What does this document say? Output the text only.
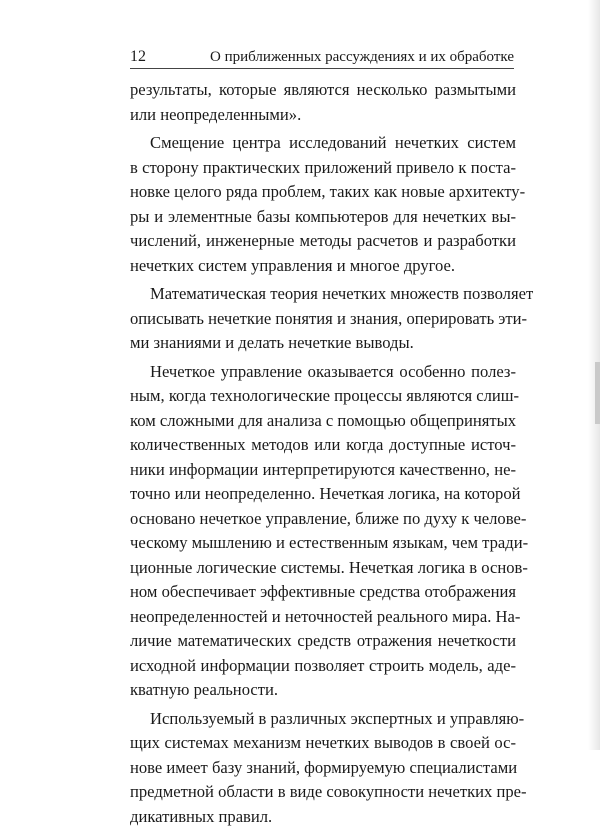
12	О приближенных рассуждениях и их обработке
результаты, которые являются несколько размытыми
или неопределенными».
Смещение центра исследований нечетких систем
в сторону практических приложений привело к поста-
новке целого ряда проблем, таких как новые архитекту-
ры и элементные базы компьютеров для нечетких вы-
числений, инженерные методы расчетов и разработки
нечетких систем управления и многое другое.
Математическая теория нечетких множеств позволяет
описывать нечеткие понятия и знания, оперировать эти-
ми знаниями и делать нечеткие выводы.
Нечеткое управление оказывается особенно полез-
ным, когда технологические процессы являются слиш-
ком сложными для анализа с помощью общепринятых
количественных методов или когда доступные источ-
ники информации интерпретируются качественно, не-
точно или неопределенно. Нечеткая логика, на которой
основано нечеткое управление, ближе по духу к челове-
ческому мышлению и естественным языкам, чем тради-
ционные логические системы. Нечеткая логика в основ-
ном обеспечивает эффективные средства отображения
неопределенностей и неточностей реального мира. На-
личие математических средств отражения нечеткости
исходной информации позволяет строить модель, аде-
кватную реальности.
Используемый в различных экспертных и управляю-
щих системах механизм нечетких выводов в своей ос-
нове имеет базу знаний, формируемую специалистами
предметной области в виде совокупности нечетких пре-
дикативных правил.
